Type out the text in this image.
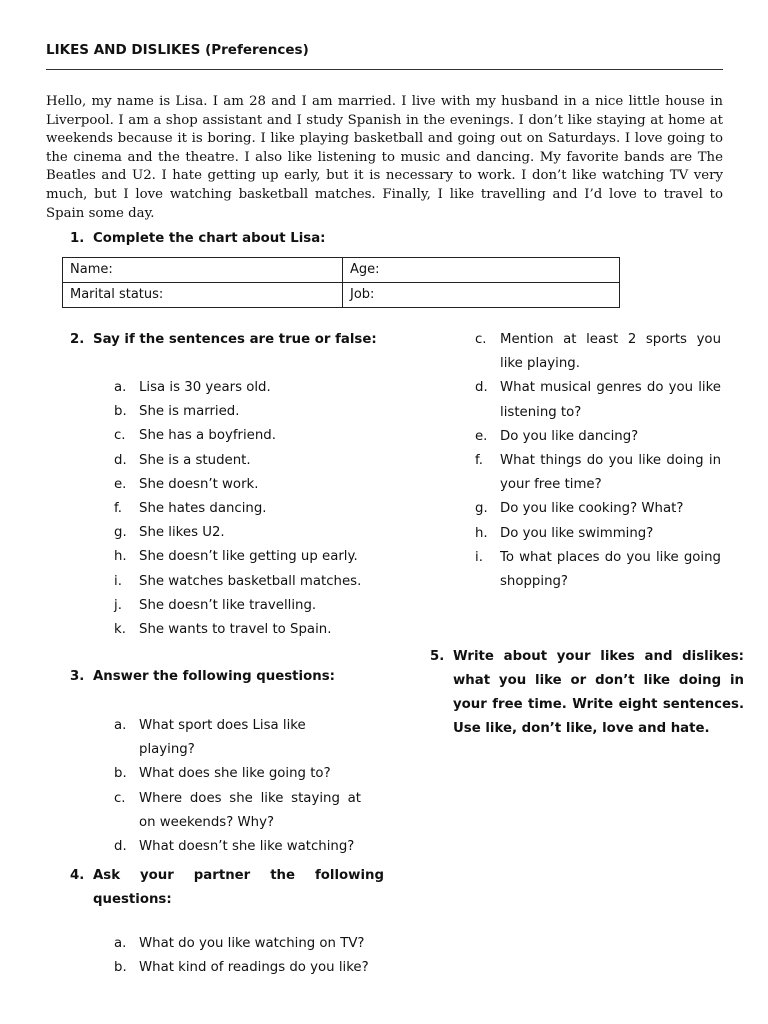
LIKES AND DISLIKES (Preferences)
Hello, my name is Lisa. I am 28 and I am married. I live with my husband in a nice little house in Liverpool. I am a shop assistant and I study Spanish in the evenings. I don’t like staying at home at weekends because it is boring. I like playing basketball and going out on Saturdays. I love going to the cinema and the theatre. I also like listening to music and dancing. My favorite bands are The Beatles and U2. I hate getting up early, but it is necessary to work. I don’t like watching TV very much, but I love watching basketball matches. Finally, I like travelling and I’d love to travel to Spain some day.
1. Complete the chart about Lisa:
Name:	Age:
Marital status:	Job:
2. Say if the sentences are true or false:
a. Lisa is 30 years old.
b. She is married.
c. She has a boyfriend.
d. She is a student.
e. She doesn’t work.
f. She hates dancing.
g. She likes U2.
h. She doesn’t like getting up early.
i. She watches basketball matches.
j. She doesn’t like travelling.
k. She wants to travel to Spain.
3. Answer the following questions:
a. What sport does Lisa like playing?
b. What does she like going to?
c. Where does she like staying at on weekends? Why?
d. What doesn’t she like watching?
4. Ask your partner the following questions:
a. What do you like watching on TV?
b. What kind of readings do you like?
c. Mention at least 2 sports you like playing.
d. What musical genres do you like listening to?
e. Do you like dancing?
f. What things do you like doing in your free time?
g. Do you like cooking? What?
h. Do you like swimming?
i. To what places do you like going shopping?
5. Write about your likes and dislikes: what you like or don’t like doing in your free time. Write eight sentences. Use like, don’t like, love and hate.
